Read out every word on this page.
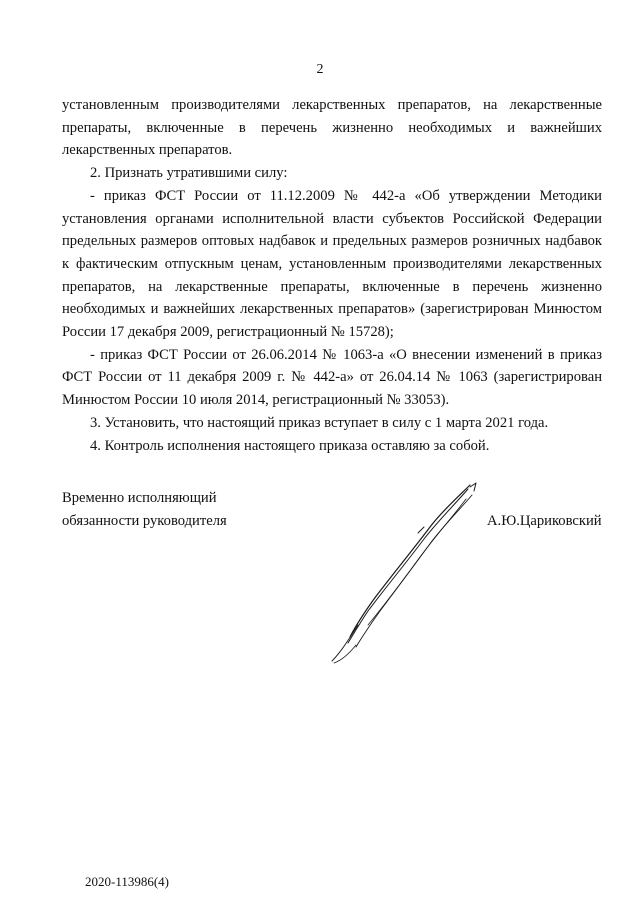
2

установленным производителями лекарственных препаратов, на лекарственные препараты, включенные в перечень жизненно необходимых и важнейших лекарственных препаратов.

2. Признать утратившими силу:

- приказ ФСТ России от 11.12.2009 № 442-а «Об утверждении Методики установления органами исполнительной власти субъектов Российской Федерации предельных размеров оптовых надбавок и предельных размеров розничных надбавок к фактическим отпускным ценам, установленным производителями лекарственных препаратов, на лекарственные препараты, включенные в перечень жизненно необходимых и важнейших лекарственных препаратов» (зарегистрирован Минюстом России 17 декабря 2009, регистрационный № 15728);

- приказ ФСТ России от 26.06.2014 № 1063-а «О внесении изменений в приказ ФСТ России от 11 декабря 2009 г. № 442-а» от 26.04.14 № 1063 (зарегистрирован Минюстом России 10 июля 2014, регистрационный № 33053).

3. Установить, что настоящий приказ вступает в силу с 1 марта 2021 года.

4. Контроль исполнения настоящего приказа оставляю за собой.

Временно исполняющий
обязанности руководителя	А.Ю.Цариковский
2020-113986(4)
